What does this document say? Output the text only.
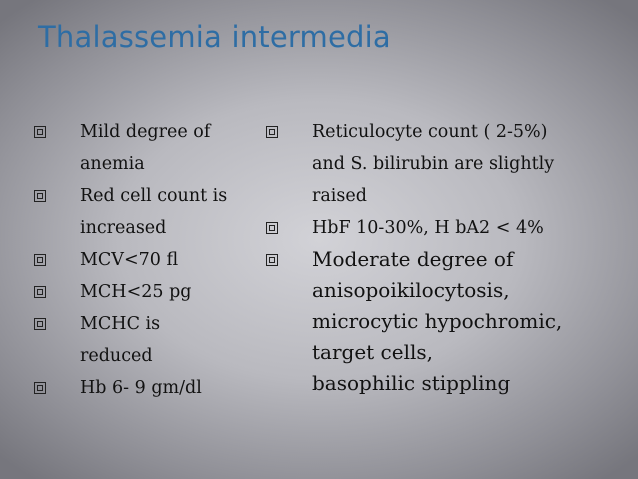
Thalassemia intermedia
Mild degree of
anemia
Red cell count is
increased
MCV<70 fl
MCH<25 pg
MCHC is
reduced
Hb 6- 9 gm/dl
Reticulocyte count ( 2-5%)
and S. bilirubin are slightly
raised
HbF 10-30%, H bA2 < 4%
Moderate degree of
anisopoikilocytosis,
microcytic hypochromic,
target cells,
basophilic stippling
